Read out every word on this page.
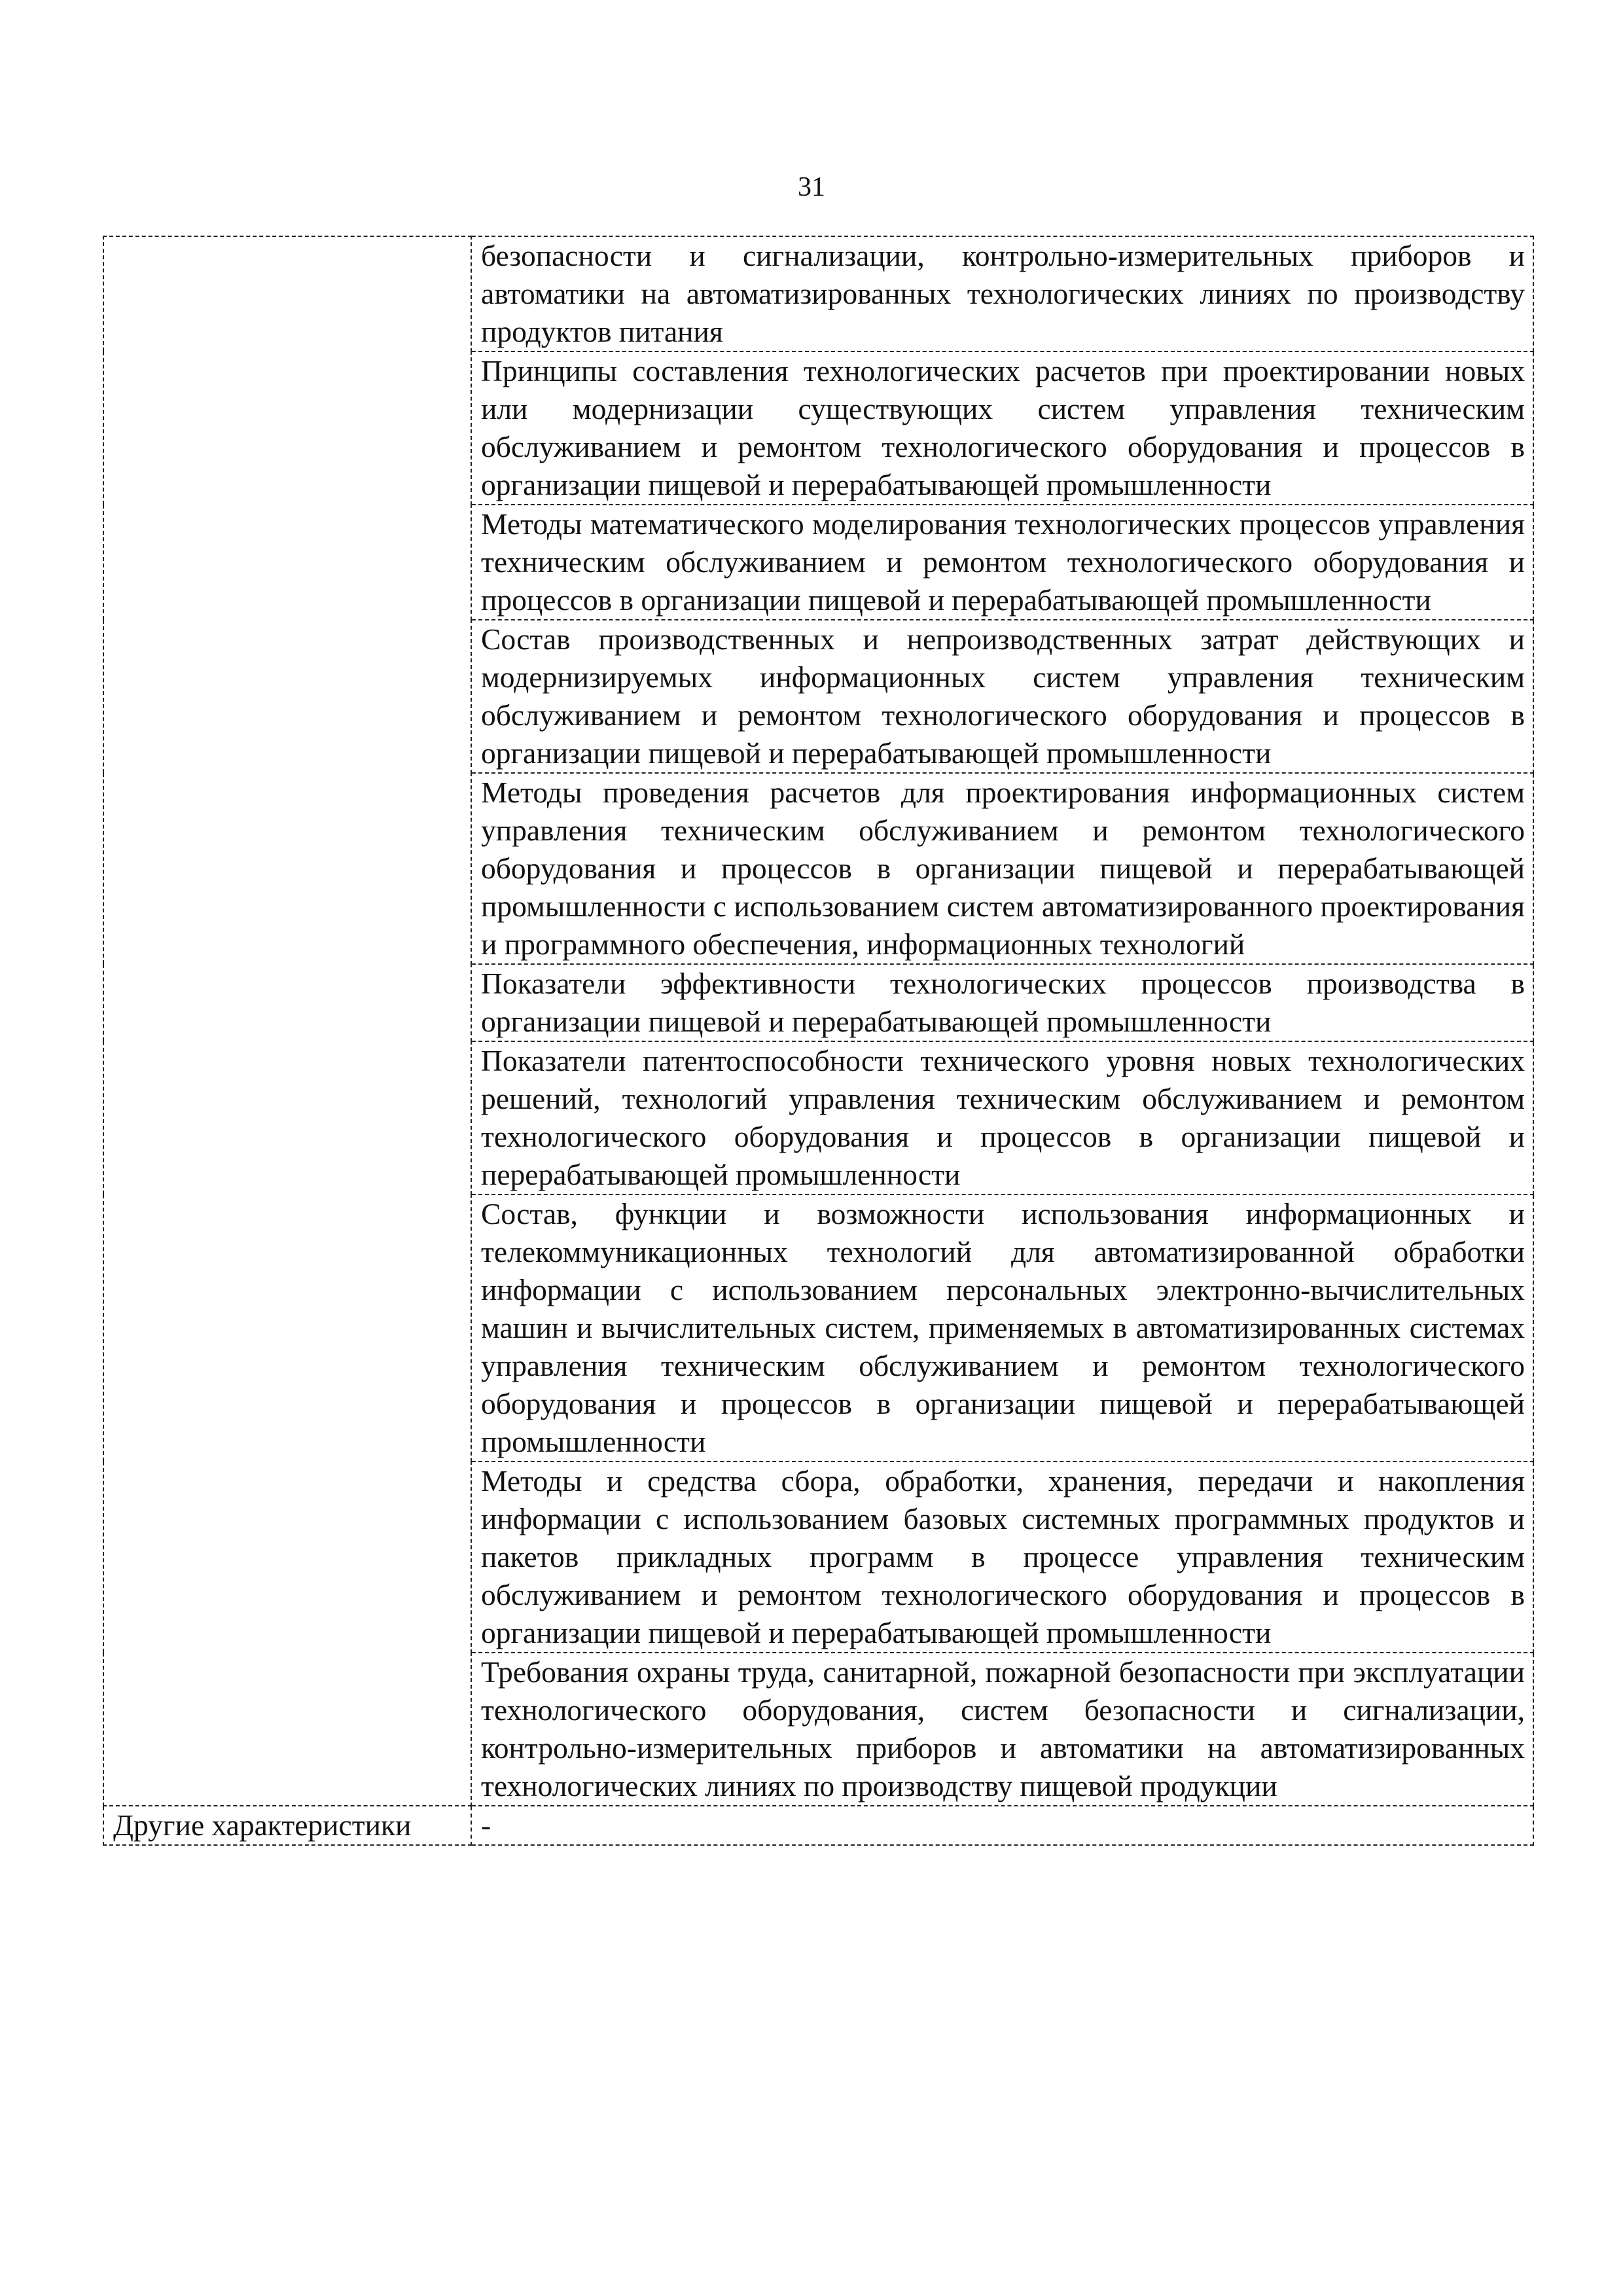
31
	безопасности и сигнализации, контрольно-измерительных приборов и автоматики на автоматизированных технологических линиях по производству продуктов питания
	Принципы составления технологических расчетов при проектировании новых или модернизации существующих систем управления техническим обслуживанием и ремонтом технологического оборудования и процессов в организации пищевой и перерабатывающей промышленности
	Методы математического моделирования технологических процессов управления техническим обслуживанием и ремонтом технологического оборудования и процессов в организации пищевой и перерабатывающей промышленности
	Состав производственных и непроизводственных затрат действующих и модернизируемых информационных систем управления техническим обслуживанием и ремонтом технологического оборудования и процессов в организации пищевой и перерабатывающей промышленности
	Методы проведения расчетов для проектирования информационных систем управления техническим обслуживанием и ремонтом технологического оборудования и процессов в организации пищевой и перерабатывающей промышленности с использованием систем автоматизированного проектирования и программного обеспечения, информационных технологий
	Показатели эффективности технологических процессов производства в организации пищевой и перерабатывающей промышленности
	Показатели патентоспособности технического уровня новых технологических решений, технологий управления техническим обслуживанием и ремонтом технологического оборудования и процессов в организации пищевой и перерабатывающей промышленности
	Состав, функции и возможности использования информационных и телекоммуникационных технологий для автоматизированной обработки информации с использованием персональных электронно-вычислительных машин и вычислительных систем, применяемых в автоматизированных системах управления техническим обслуживанием и ремонтом технологического оборудования и процессов в организации пищевой и перерабатывающей промышленности
	Методы и средства сбора, обработки, хранения, передачи и накопления информации с использованием базовых системных программных продуктов и пакетов прикладных программ в процессе управления техническим обслуживанием и ремонтом технологического оборудования и процессов в организации пищевой и перерабатывающей промышленности
	Требования охраны труда, санитарной, пожарной безопасности при эксплуатации технологического оборудования, систем безопасности и сигнализации, контрольно-измерительных приборов и автоматики на автоматизированных технологических линиях по производству пищевой продукции
Другие характеристики	-
